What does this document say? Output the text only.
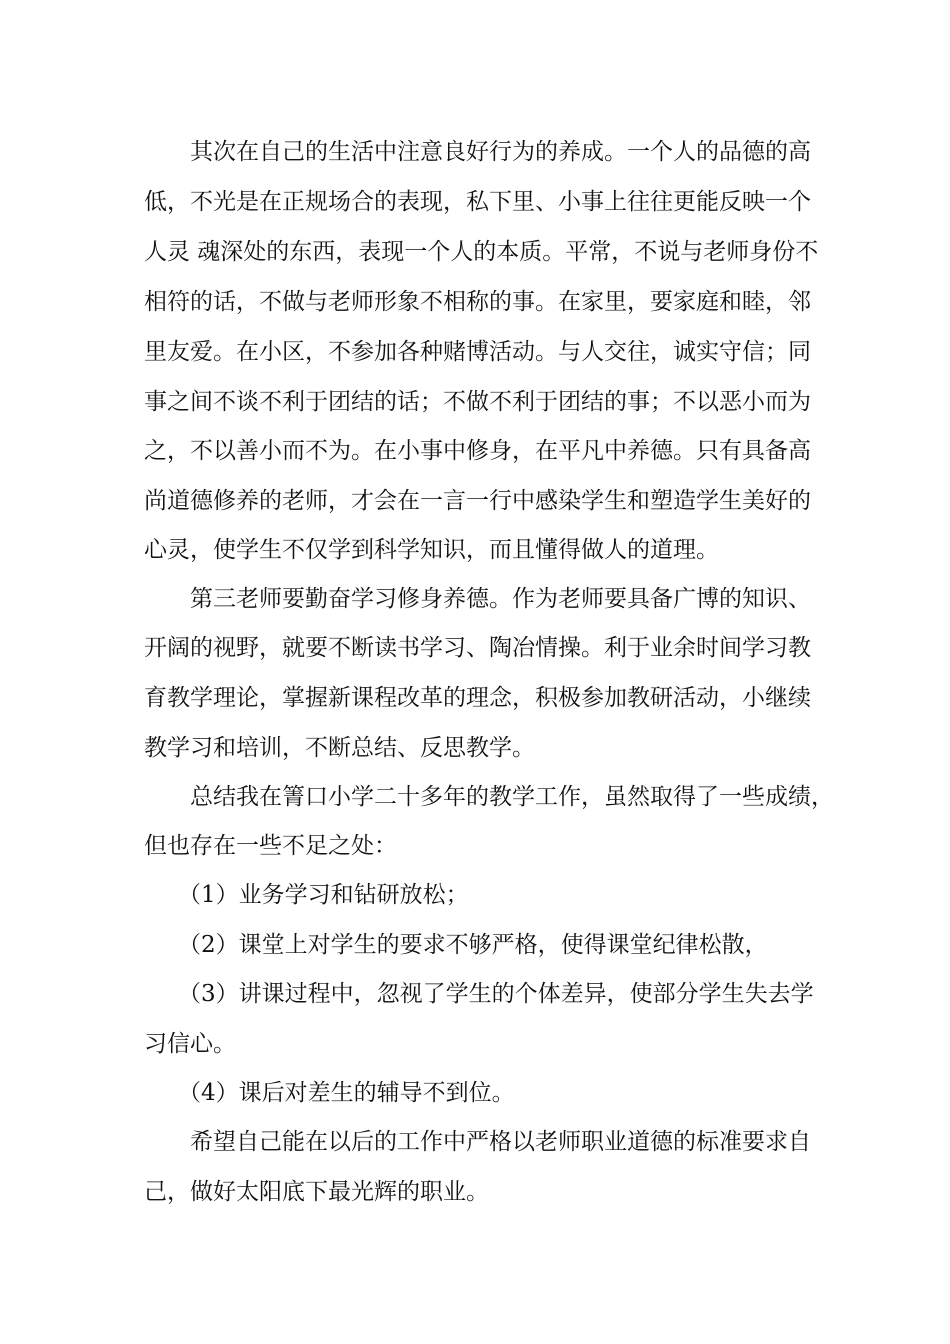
其次在自己的生活中注意良好行为的养成。一个人的品德的高
低，不光是在正规场合的表现，私下里、小事上往往更能反映一个
人灵 魂深处的东西，表现一个人的本质。平常，不说与老师身份不
相符的话，不做与老师形象不相称的事。在家里，要家庭和睦，邻
里友爱。在小区，不参加各种赌博活动。与人交往，诚实守信；同
事之间不谈不利于团结的话；不做不利于团结的事；不以恶小而为
之，不以善小而不为。在小事中修身，在平凡中养德。只有具备高
尚道德修养的老师，才会在一言一行中感染学生和塑造学生美好的
心灵，使学生不仅学到科学知识，而且懂得做人的道理。
第三老师要勤奋学习修身养德。作为老师要具备广博的知识、
开阔的视野，就要不断读书学习、陶冶情操。利于业余时间学习教
育教学理论，掌握新课程改革的理念，积极参加教研活动，小继续
教学习和培训，不断总结、反思教学。
总结我在箐口小学二十多年的教学工作，虽然取得了一些成绩，
但也存在一些不足之处：
（1）业务学习和钻研放松；
（2）课堂上对学生的要求不够严格，使得课堂纪律松散，
（3）讲课过程中，忽视了学生的个体差异，使部分学生失去学
习信心。
（4）课后对差生的辅导不到位。
希望自己能在以后的工作中严格以老师职业道德的标准要求自
己，做好太阳底下最光辉的职业。
